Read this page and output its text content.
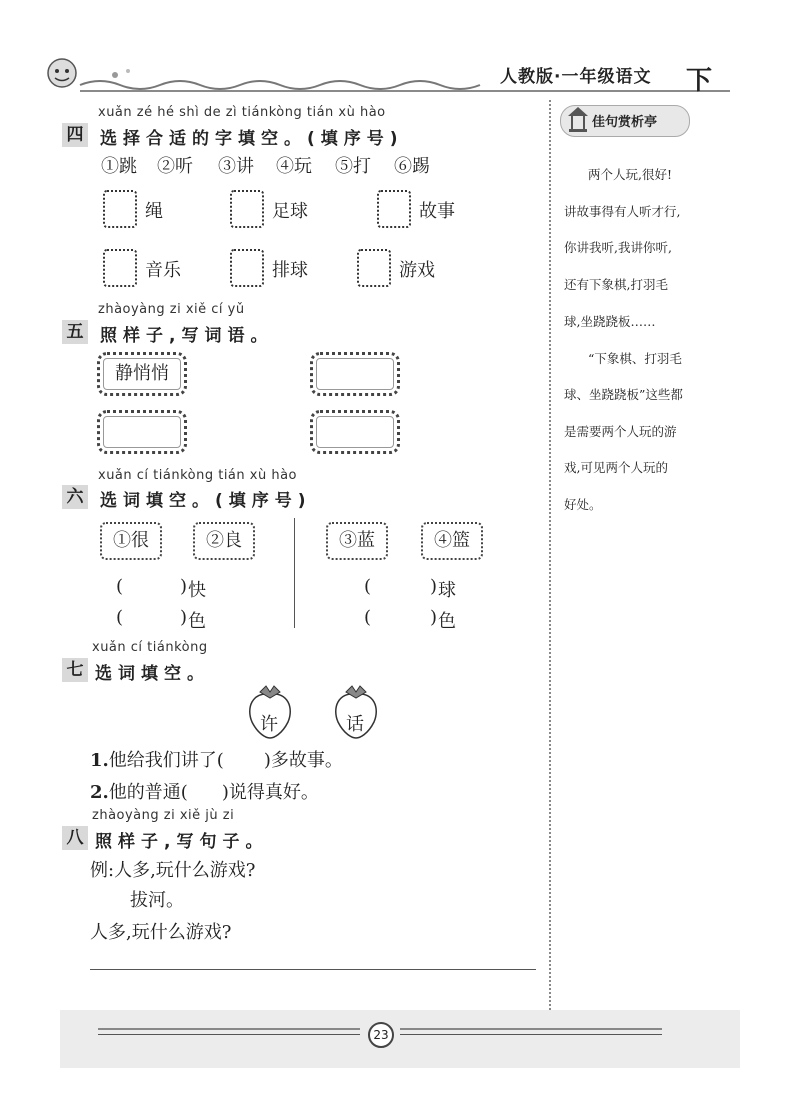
人教版·一年级语文 下
xuǎn zé hé shì de zì tiánkòng tián xù hào
四 选择合适的字填空。(填序号)
①跳 ②听 ③讲 ④玩 ⑤打 ⑥踢
绳	足球	故事
音乐	排球	游戏
zhàoyàng zi xiě cí yǔ
五 照样子,写词语。
静悄悄
xuǎn cí tiánkòng tián xù hào
六 选词填空。(填序号)
①很	②良	③蓝	④篮
(	) 快
(	) 色
(	) 球
(	) 色
xuǎn cí tiánkòng
七 选词填空。
许	话
1.他给我们讲了( )多故事。
2.他的普通( )说得真好。
zhàoyàng zi xiě jù zi
八 照样子,写句子。
例:人多,玩什么游戏?
拔河。
人多,玩什么游戏?
佳句赏析亭
两个人玩,很好!
讲故事得有人听才行,
你讲我听,我讲你听,
还有下象棋,打羽毛
球,坐跷跷板……
“下象棋、打羽毛
球、坐跷跷板”这些都
是需要两个人玩的游
戏,可见两个人玩的
好处。
23
